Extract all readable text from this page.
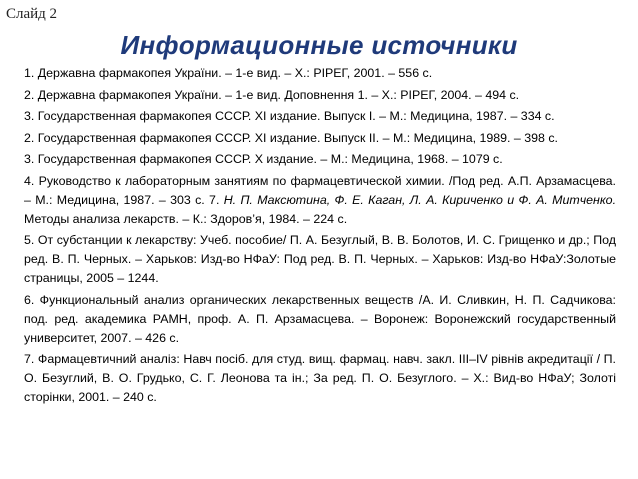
Слайд 2
Информационные источники
1. Державна фармакопея України. – 1-е вид. – Х.: РІРЕГ, 2001. – 556 с.
2. Державна фармакопея України. – 1-е вид. Доповнення 1. – Х.: РІРЕГ, 2004. – 494 с.
3. Государственная фармакопея СССР. XI издание. Выпуск I. – М.: Медицина, 1987. – 334 с.
2. Государственная фармакопея СССР. XI издание. Выпуск II. – М.: Медицина, 1989. – 398 с.
3. Государственная фармакопея СССР. X издание. – М.: Медицина, 1968. – 1079 с.
4. Руководство к лабораторным занятиям по фармацевтической химии. /Под ред. А.П. Арзамасцева. – М.: Медицина, 1987. – 303 с. 7. Н. П. Максютина, Ф. Е. Каган, Л. А. Кириченко и Ф. А. Митченко. Методы анализа лекарств. – К.: Здоров’я, 1984. – 224 с.
5. От субстанции к лекарству: Учеб. пособие/ П. А. Безуглый, В. В. Болотов, И. С. Грищенко и др.; Под ред. В. П. Черных. – Харьков: Изд-во НФаУ: Под ред. В. П. Черных. – Харьков: Изд-во НФаУ:Золотые страницы, 2005 – 1244.
6. Функциональный анализ органических лекарственных веществ /А. И. Сливкин, Н. П. Садчикова: под. ред. академика РАМН, проф. А. П. Арзамасцева. – Воронеж: Воронежский государственный университет, 2007. – 426 с.
7. Фармацевтичний аналіз: Навч посіб. для студ. вищ. фармац. навч. закл. III–IV рівнів акредитації / П. О. Безуглий, В. О. Грудько, С. Г. Леонова та ін.; За ред. П. О. Безуглого. – Х.: Вид-во НФаУ; Золоті сторінки, 2001. – 240 с.
